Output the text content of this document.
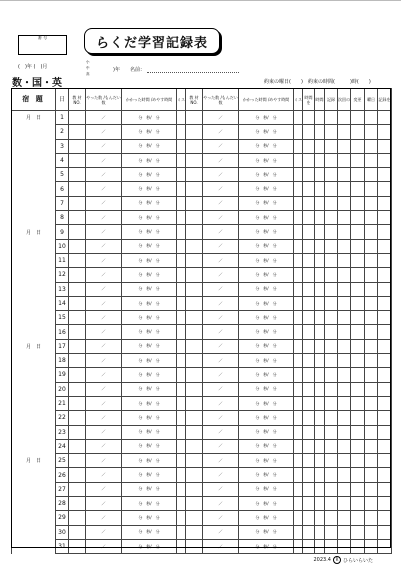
番 号	らくだ学習記録表
(　)年 (　)月
小
中
高
)年 名前：
数・国・英	約束の曜日(　　) 約束の時間(　　　)時(　　)
宿 題	日	教 材 NO.	やった数 /もんだい数	かかった時間 /めやす時間	ミス	教 材 NO.	やった数 /もんだい数	かかった時間 /めやす時間	ミス	時間を	時間	記録	次回の	変更	曜日	記録を
月　日	1		／	分　秒/　分			／	分　秒/　分								
	2		／	分　秒/　分			／	分　秒/　分								
	3		／	分　秒/　分			／	分　秒/　分								
	4		／	分　秒/　分			／	分　秒/　分								
	5		／	分　秒/　分			／	分　秒/　分								
	6		／	分　秒/　分			／	分　秒/　分								
	7		／	分　秒/　分			／	分　秒/　分								
	8		／	分　秒/　分			／	分　秒/　分								
月　日	9		／	分　秒/　分			／	分　秒/　分								
	10		／	分　秒/　分			／	分　秒/　分								
	11		／	分　秒/　分			／	分　秒/　分								
	12		／	分　秒/　分			／	分　秒/　分								
	13		／	分　秒/　分			／	分　秒/　分								
	14		／	分　秒/　分			／	分　秒/　分								
	15		／	分　秒/　分			／	分　秒/　分								
	16		／	分　秒/　分			／	分　秒/　分								
月　日	17		／	分　秒/　分			／	分　秒/　分								
	18		／	分　秒/　分			／	分　秒/　分								
	19		／	分　秒/　分			／	分　秒/　分								
	20		／	分　秒/　分			／	分　秒/　分								
	21		／	分　秒/　分			／	分　秒/　分								
	22		／	分　秒/　分			／	分　秒/　分								
	23		／	分　秒/　分			／	分　秒/　分								
	24		／	分　秒/　分			／	分　秒/　分								
月　日	25		／	分　秒/　分			／	分　秒/　分								
	26		／	分　秒/　分			／	分　秒/　分								
	27		／	分　秒/　分			／	分　秒/　分								
	28		／	分　秒/　分			／	分　秒/　分								
	29		／	分　秒/　分			／	分　秒/　分								
	30		／	分　秒/　分			／	分　秒/　分								
	31		／	分　秒/　分			／	分　秒/　分								
2023.4	R ひらいらいた
